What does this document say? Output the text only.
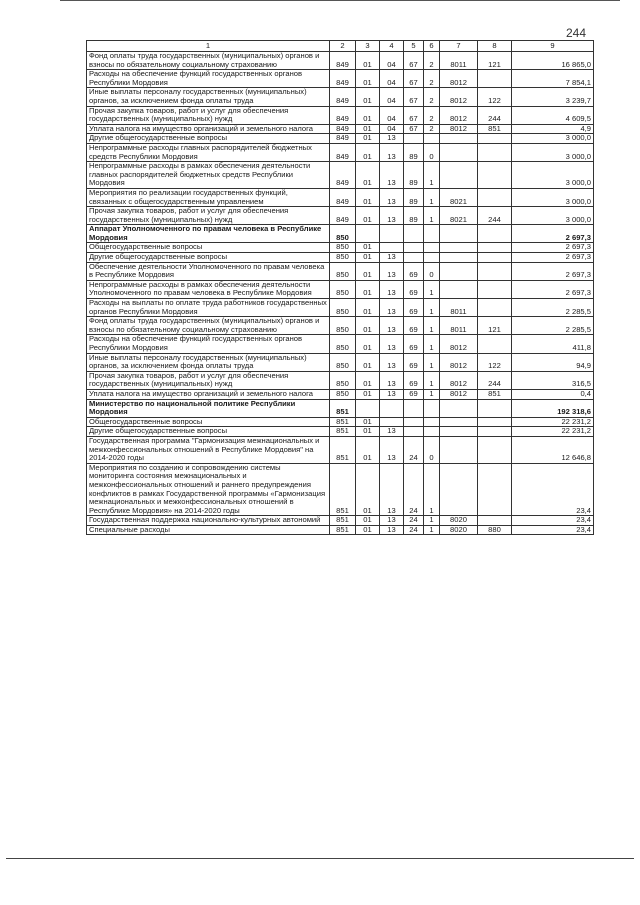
244
1	2	3	4	5	6	7	8	9
Фонд оплаты труда государственных (муниципальных) органов и взносы по обязательному социальному страхованию	849	01	04	67	2	8011	121	16 865,0
Расходы на обеспечение функций государственных органов Республики Мордовия	849	01	04	67	2	8012		7 854,1
Иные выплаты персоналу государственных (муниципальных) органов, за исключением фонда оплаты труда	849	01	04	67	2	8012	122	3 239,7
Прочая закупка товаров, работ и услуг для обеспечения государственных (муниципальных) нужд	849	01	04	67	2	8012	244	4 609,5
Уплата налога на имущество организаций и земельного налога	849	01	04	67	2	8012	851	4,9
Другие общегосударственные вопросы	849	01	13					3 000,0
Непрограммные расходы главных распорядителей бюджетных средств Республики Мордовия	849	01	13	89	0			3 000,0
Непрограммные расходы в рамках обеспечения деятельности главных распорядителей бюджетных средств Республики Мордовия	849	01	13	89	1			3 000,0
Мероприятия по реализации государственных функций, связанных с общегосударственным управлением	849	01	13	89	1	8021		3 000,0
Прочая закупка товаров, работ и услуг для обеспечения государственных (муниципальных) нужд	849	01	13	89	1	8021	244	3 000,0
Аппарат Уполномоченного по правам человека в Республике Мордовия	850							2 697,3
Общегосударственные вопросы	850	01						2 697,3
Другие общегосударственные вопросы	850	01	13					2 697,3
Обеспечение деятельности Уполномоченного по правам человека в Республике Мордовия	850	01	13	69	0			2 697,3
Непрограммные расходы в рамках обеспечения деятельности Уполномоченного по правам человека в Республике Мордовия	850	01	13	69	1			2 697,3
Расходы на выплаты по оплате труда работников государственных органов Республики Мордовия	850	01	13	69	1	8011		2 285,5
Фонд оплаты труда государственных (муниципальных) органов и взносы по обязательному социальному страхованию	850	01	13	69	1	8011	121	2 285,5
Расходы на обеспечение функций государственных органов Республики Мордовия	850	01	13	69	1	8012		411,8
Иные выплаты персоналу государственных (муниципальных) органов, за исключением фонда оплаты труда	850	01	13	69	1	8012	122	94,9
Прочая закупка товаров, работ и услуг для обеспечения государственных (муниципальных) нужд	850	01	13	69	1	8012	244	316,5
Уплата налога на имущество организаций и земельного налога	850	01	13	69	1	8012	851	0,4
Министерство по национальной политике Республики Мордовия	851							192 318,6
Общегосударственные вопросы	851	01						22 231,2
Другие общегосударственные вопросы	851	01	13					22 231,2
Государственная программа "Гармонизация межнациональных и межконфессиональных отношений в Республике Мордовия" на 2014-2020 годы	851	01	13	24	0			12 646,8
Мероприятия по созданию и сопровождению системы мониторинга состояния межнациональных и межконфессиональных отношений и раннего предупреждения конфликтов в рамках Государственной программы «Гармонизация межнациональных и межконфессиональных отношений в Республике Мордовия» на 2014-2020 годы	851	01	13	24	1			23,4
Государственная поддержка национально-культурных автономий	851	01	13	24	1	8020		23,4
Специальные расходы	851	01	13	24	1	8020	880	23,4
